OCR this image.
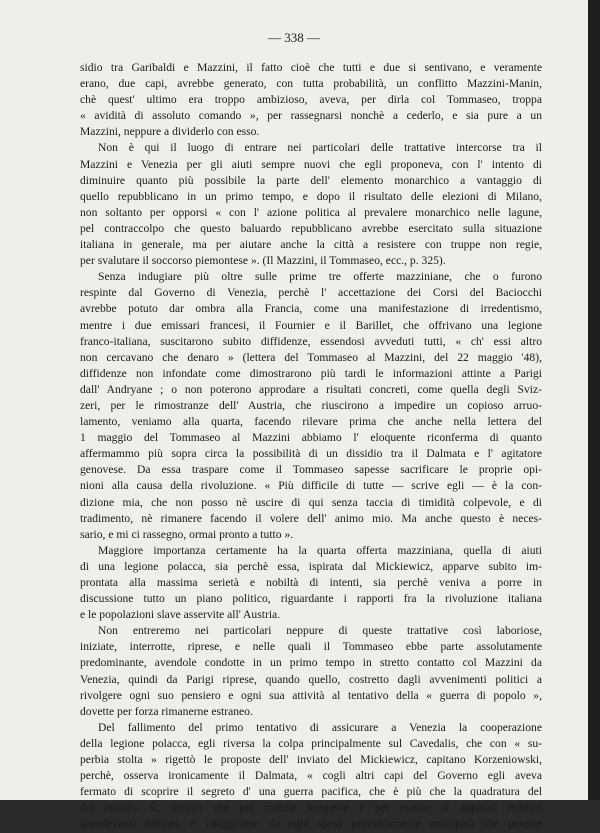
— 338 —
sidio tra Garibaldi e Mazzini, il fatto cioè che tutti e due si sentivano, e veramente
erano, due capi, avrebbe generato, con tutta probabilità, un conflitto Mazzini-Manin,
chè quest' ultimo era troppo ambizioso, aveva, per dirla col Tommaseo, troppa
« avidità di assoluto comando », per rassegnarsi nonchè a cederlo, e sia pure a un
Mazzini, neppure a dividerlo con esso.
Non è qui il luogo di entrare nei particolari delle trattative intercorse tra il
Mazzini e Venezia per gli aiuti sempre nuovi che egli proponeva, con l' intento di
diminuire quanto più possibile la parte dell' elemento monarchico a vantaggio di
quello repubblicano in un primo tempo, e dopo il risultato delle elezioni di Milano,
non soltanto per opporsi « con l' azione politica al prevalere monarchico nelle lagune,
pel contraccolpo che questo baluardo repubblicano avrebbe esercitato sulla situazione
italiana in generale, ma per aiutare anche la città a resistere con truppe non regie,
per svalutare il soccorso piemontese ». (Il Mazzini, il Tommaseo, ecc., p. 325).
Senza indugiare più oltre sulle prime tre offerte mazziniane, che o furono
respinte dal Governo di Venezia, perchè l' accettazione dei Corsi del Baciocchi
avrebbe potuto dar ombra alla Francia, come una manifestazione di irredentismo,
mentre i due emissari francesi, il Fournier e il Barillet, che offrivano una legione
franco-italiana, suscitarono subito diffidenze, essendosi avveduti tutti, « ch' essi altro
non cercavano che denaro » (lettera del Tommaseo al Mazzini, del 22 maggio '48),
diffidenze non infondate come dimostrarono più tardi le informazioni attinte a Parigi
dall' Andryane ; o non poterono approdare a risultati concreti, come quella degli Sviz-
zeri, per le rimostranze dell' Austria, che riuscirono a impedire un copioso arruo-
lamento, veniamo alla quarta, facendo rilevare prima che anche nella lettera del
1 maggio del Tommaseo al Mazzini abbiamo l' eloquente riconferma di quanto
affermammo più sopra circa la possibilità di un dissidio tra il Dalmata e l' agitatore
genovese. Da essa traspare come il Tommaseo sapesse sacrificare le proprie opi-
nioni alla causa della rivoluzione. « Più difficile di tutte — scrive egli — è la con-
dizione mia, che non posso nè uscire di qui senza taccia di timidità colpevole, e di
tradimento, nè rimanere facendo il volere dell' animo mio. Ma anche questo è neces-
sario, e mi ci rassegno, ormai pronto a tutto ».
Maggiore importanza certamente ha la quarta offerta mazziniana, quella di aiuti
di una legione polacca, sia perchè essa, ispirata dal Mickiewicz, apparve subito im-
prontata alla massima serietà e nobiltà di intenti, sia perchè veniva a porre in
discussione tutto un piano politico, riguardante i rapporti fra la rivoluzione italiana
e le popolazioni slave asservite all' Austria.
Non entreremo nei particolari neppure di queste trattative così laboriose,
iniziate, interrotte, riprese, e nelle quali il Tommaseo ebbe parte assolutamente
predominante, avendole condotte in un primo tempo in stretto contatto col Mazzini da
Venezia, quindi da Parigi riprese, quando quello, costretto dagli avvenimenti politici a
rivolgere ogni suo pensiero e ogni sua attività al tentativo della « guerra di popolo »,
dovette per forza rimanerne estraneo.
Del fallimento del primo tentativo di assicurare a Venezia la cooperazione
della legione polacca, egli riversa la colpa principalmente sul Cavedalis, che con « su-
perbia stolta » rigettò le proposte dell' inviato del Mickiewicz, capitano Korzeniowski,
perchè, osserva ironicamente il Dalmata, « cogli altri capi del Governo egli aveva
fermato di scoprire il segreto d' una guerra pacifica, che è più che la quadratura del
del circolo. E, intanto che per milizie inesperte e per mostre d' apparati militari
spendevansi milioni, e' rifuggivano da ogni spesa provvidamente anticipata che potesse
